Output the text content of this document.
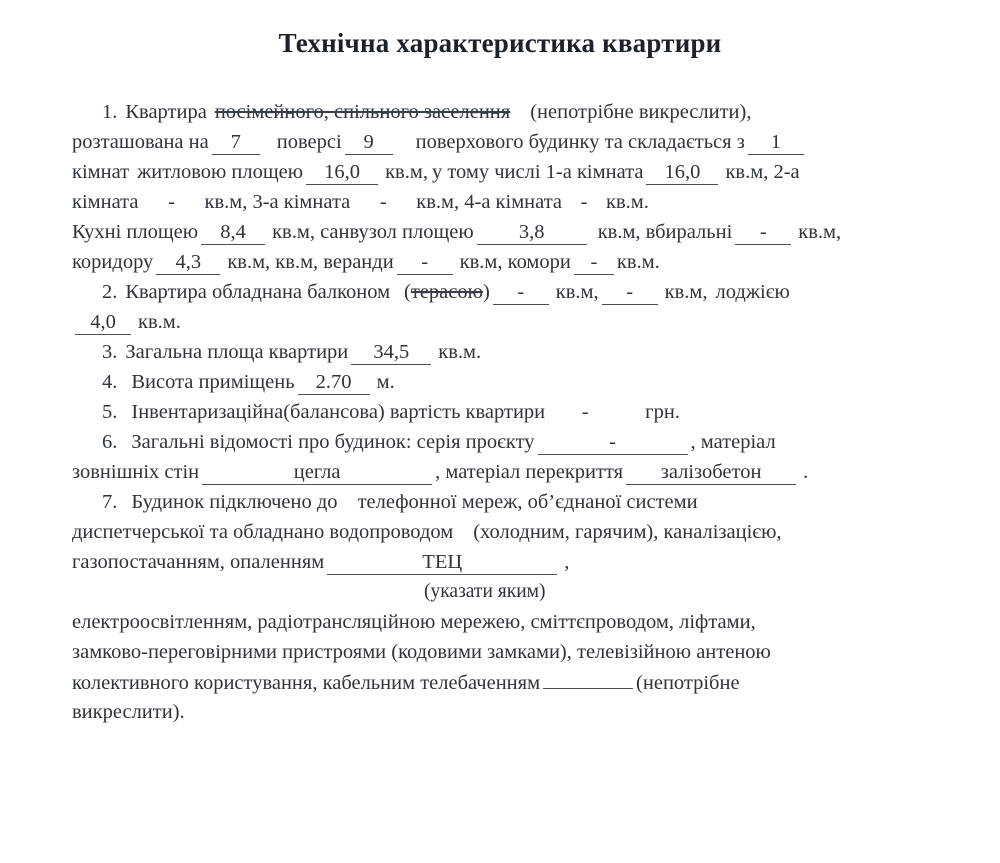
Технічна характеристика квартири
1. Квартира посімейного, спільного заселення (непотрібне викреслити),
розташована на 7 поверсі 9 поверхового будинку та складається з 1
кімнат житловою площею 16,0 кв.м, у тому числі 1-а кімната 16,0 кв.м, 2-а
кімната - кв.м, 3-а кімната - кв.м, 4-а кімната - кв.м.
Кухні площею 8,4 кв.м, санвузол площею 3,8	кв.м, вбиральні - кв.м,
коридору 4,3 кв.м, кв.м, веранди - кв.м, комори - кв.м.
2. Квартира обладнана балконом (терасою) - кв.м, - кв.м, лоджією
4,0 кв.м.
3. Загальна площа квартири 34,5 кв.м.
4. Висота приміщень 2.70 м.
5. Інвентаризаційна(балансова) вартість квартири -	грн.
6. Загальні відомості про будинок: серія проєкту	-	, матеріал
зовнішніх стін	цегла	, матеріал перекриття залізобетон .
7. Будинок підключено до телефонної мереж, об’єднаної системи
диспетчерської та обладнано водопроводом (холодним, гарячим), каналізацією,
газопостачанням, опаленням	ТЕЦ	,
(указати яким)
електроосвітленням, радіотрансляційною мережею, сміттєпроводом, ліфтами,
замково-переговірними пристроями (кодовими замками), телевізійною антеною
колективного користування, кабельним телебаченням	(непотрібне
викреслити).
